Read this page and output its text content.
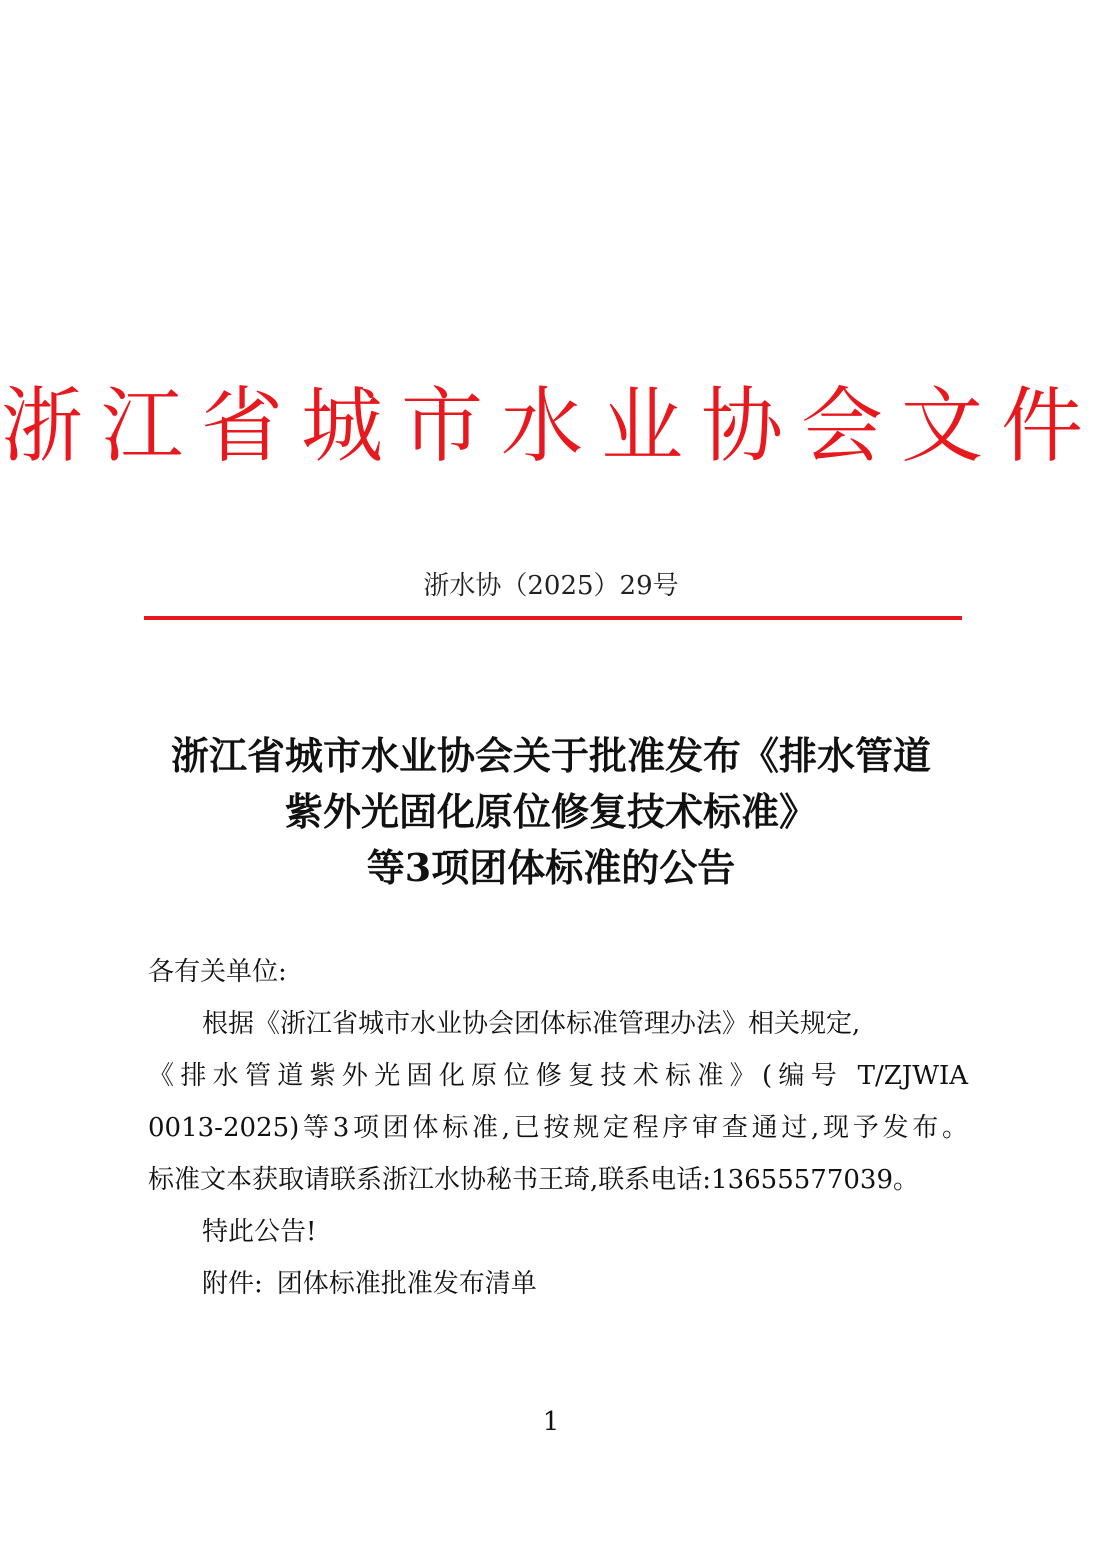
浙江省城市水业协会文件
浙水协（2025）29号
浙江省城市水业协会关于批准发布《排水管道
紫外光固化原位修复技术标准》
等3项团体标准的公告
各有关单位:
根据《浙江省城市水业协会团体标准管理办法》相关规定,
《排水管道紫外光固化原位修复技术标准》(编号 T/ZJWIA
0013-2025)等3项团体标准,已按规定程序审查通过,现予发布。
标准文本获取请联系浙江水协秘书王琦,联系电话:13655577039。
特此公告!
附件: 团体标准批准发布清单
1
